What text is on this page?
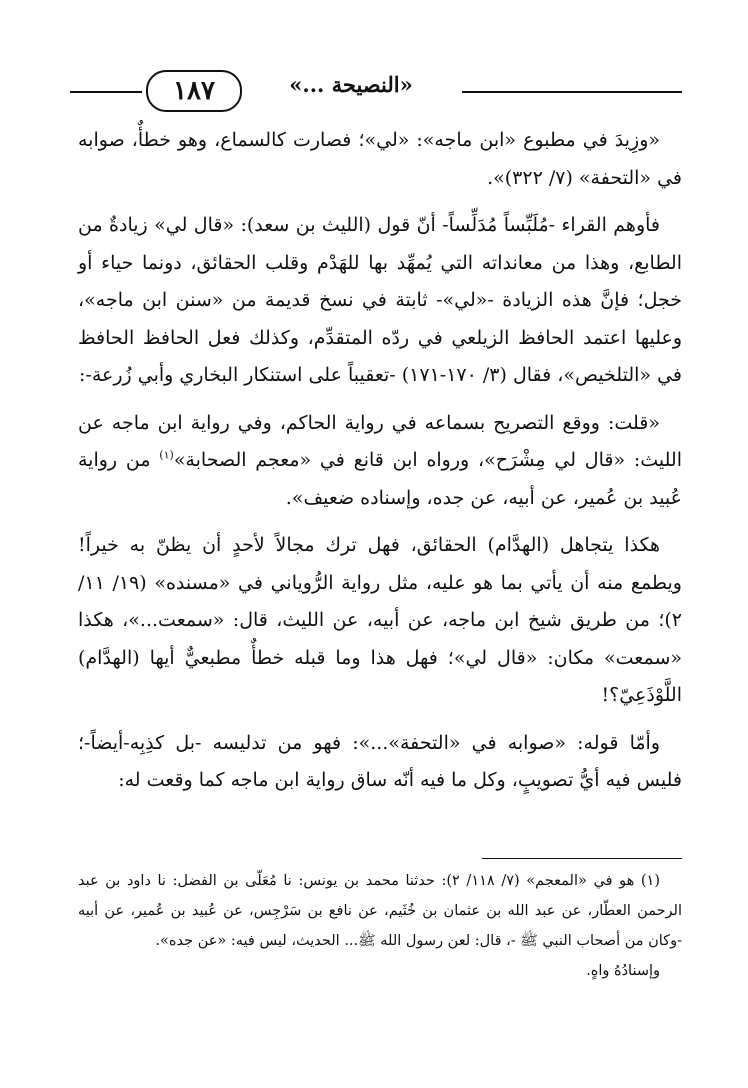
١٨٧	«النصيحة ...»

«وزِيدَ في مطبوع «ابن ماجه»: «لي»؛ فصارت كالسماع، وهو خطأٌ، صوابه في «التحفة» (٧/ ٣٢٢)».

فأوهم القراء -مُلَبِّساً مُدَلِّساً- أنّ قول (الليث بن سعد): «قال لي» زيادةٌ من الطابع، وهذا من معانداته التي يُمهِّد بها للهَدْم وقلب الحقائق، دونما حياء أو خجل؛ فإنَّ هذه الزيادة -«لي»- ثابتة في نسخ قديمة من «سنن ابن ماجه»، وعليها اعتمد الحافظ الزيلعي في ردّه المتقدِّم، وكذلك فعل الحافظ الحافظ في «التلخيص»، فقال (٣/ ١٧٠-١٧١) -تعقيباً على استنكار البخاري وأبي زُرعة-:

«قلت: ووقع التصريح بسماعه في رواية الحاكم، وفي رواية ابن ماجه عن الليث: «قال لي مِشْرَح»، ورواه ابن قانع في «معجم الصحابة»$^{(١)}$ من رواية عُبيد بن عُمير، عن أبيه، عن جده، وإسناده ضعيف».

هكذا يتجاهل (الهدَّام) الحقائق، فهل ترك مجالاً لأحدٍ أن يظنّ به خيراً! ويطمع منه أن يأتي بما هو عليه، مثل رواية الرُّوياني في «مسنده» (١٩/ ١١/ ٢)؛ من طريق شيخ ابن ماجه، عن أبيه، عن الليث، قال: «سمعت...»، هكذا «سمعت» مكان: «قال لي»؛ فهل هذا وما قبله خطأٌ مطبعيٌّ أيها (الهدَّام) اللَّوْذَعِيّ؟!

وأمّا قوله: «صوابه في «التحفة»...»: فهو من تدليسه -بل كذِبِه-أيضاً-؛ فليس فيه أيُّ تصويبٍ، وكل ما فيه أنّه ساق رواية ابن ماجه كما وقعت له:

(١) هو في «المعجم» (٧/ ١١٨/ ٢): حدثنا محمد بن يونس: نا مُعَلّى بن الفضل: نا داود بن عبد الرحمن العطّار، عن عبد الله بن عثمان بن خُثَيم، عن نافع بن سَرْجِس، عن عُبيد بن عُمير، عن أبيه -وكان من أصحاب النبي ﷺ -، قال: لعن رسول الله ﷺ... الحديث، ليس فيه: «عن جده».

وإسنادُهُ واهٍ.
